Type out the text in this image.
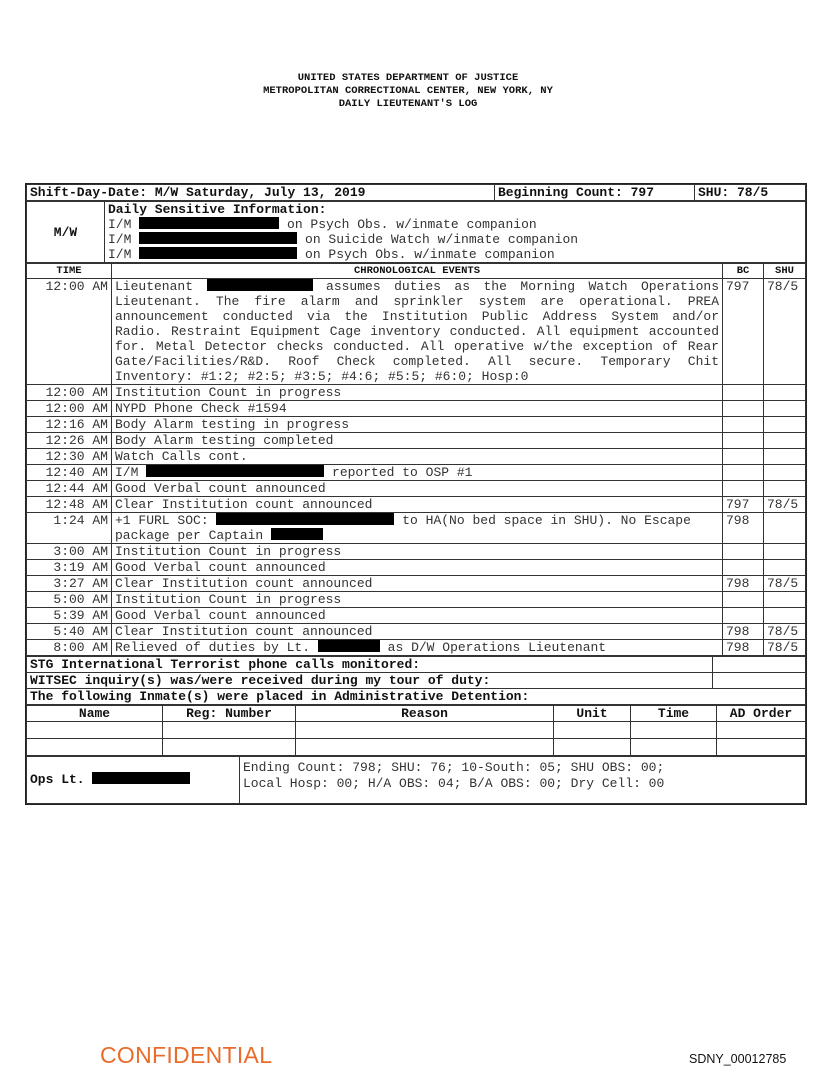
UNITED STATES DEPARTMENT OF JUSTICE
METROPOLITAN CORRECTIONAL CENTER, NEW YORK, NY
DAILY LIEUTENANT'S LOG
Shift-Day-Date: M/W Saturday, July 13, 2019	Beginning Count: 797	SHU: 78/5
M/W	
Daily Sensitive Information:
I/M	on Psych Obs. w/inmate companion
I/M	on Suicide Watch w/inmate companion
I/M	on Psych Obs. w/inmate companion
TIME	CHRONOLOGICAL EVENTS	BC	SHU
12:00 AM	Lieutenant assumes duties as the Morning Watch Operations Lieutenant. The fire alarm and sprinkler system are operational. PREA announcement conducted via the Institution Public Address System and/or Radio. Restraint Equipment Cage inventory conducted. All equipment accounted for. Metal Detector checks conducted. All operative w/the exception of Rear Gate/Facilities/R&D. Roof Check completed. All secure. Temporary Chit Inventory: #1:2; #2:5; #3:5; #4:6; #5:5; #6:0; Hosp:0	797	78/5
12:00 AM	Institution Count in progress		
12:00 AM	NYPD Phone Check #1594		
12:16 AM	Body Alarm testing in progress		
12:26 AM	Body Alarm testing completed		
12:30 AM	Watch Calls cont.		
12:40 AM	I/M reported to OSP #1		
12:44 AM	Good Verbal count announced		
12:48 AM	Clear Institution count announced	797	78/5
1:24 AM	+1 FURL SOC: to HA(No bed space in SHU). No Escape package per Captain	798	
3:00 AM	Institution Count in progress		
3:19 AM	Good Verbal count announced		
3:27 AM	Clear Institution count announced	798	78/5
5:00 AM	Institution Count in progress		
5:39 AM	Good Verbal count announced		
5:40 AM	Clear Institution count announced	798	78/5
8:00 AM	Relieved of duties by Lt. as D/W Operations Lieutenant	798	78/5
STG International Terrorist phone calls monitored:	
WITSEC inquiry(s) was/were received during my tour of duty:	
The following Inmate(s) were placed in Administrative Detention:	
Name	Reg: Number	Reason	Unit	Time	AD Order

Ops Lt.	
Ending Count: 798; SHU: 76; 10-South: 05; SHU OBS: 00;
Local Hosp: 00; H/A OBS: 04; B/A OBS: 00; Dry Cell: 00
CONFIDENTIAL	SDNY_00012785
